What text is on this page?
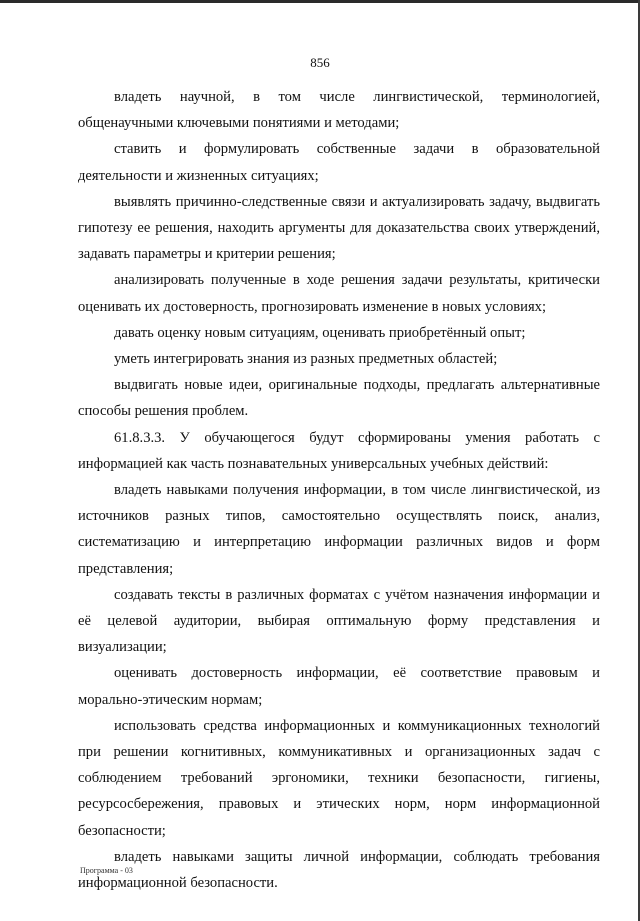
856

владеть научной, в том числе лингвистической, терминологией, общенаучными ключевыми понятиями и методами;

ставить и формулировать собственные задачи в образовательной деятельности и жизненных ситуациях;

выявлять причинно-следственные связи и актуализировать задачу, выдвигать гипотезу ее решения, находить аргументы для доказательства своих утверждений, задавать параметры и критерии решения;

анализировать полученные в ходе решения задачи результаты, критически оценивать их достоверность, прогнозировать изменение в новых условиях;

давать оценку новым ситуациям, оценивать приобретённый опыт;

уметь интегрировать знания из разных предметных областей;

выдвигать новые идеи, оригинальные подходы, предлагать альтернативные способы решения проблем.

61.8.3.3. У обучающегося будут сформированы умения работать с информацией как часть познавательных универсальных учебных действий:

владеть навыками получения информации, в том числе лингвистической, из источников разных типов, самостоятельно осуществлять поиск, анализ, систематизацию и интерпретацию информации различных видов и форм представления;

создавать тексты в различных форматах с учётом назначения информации и её целевой аудитории, выбирая оптимальную форму представления и визуализации;

оценивать достоверность информации, её соответствие правовым и морально-этическим нормам;

использовать средства информационных и коммуникационных технологий при решении когнитивных, коммуникативных и организационных задач с соблюдением требований эргономики, техники безопасности, гигиены, ресурсосбережения, правовых и этических норм, норм информационной безопасности;

владеть навыками защиты личной информации, соблюдать требования информационной безопасности.

Программа - 03
